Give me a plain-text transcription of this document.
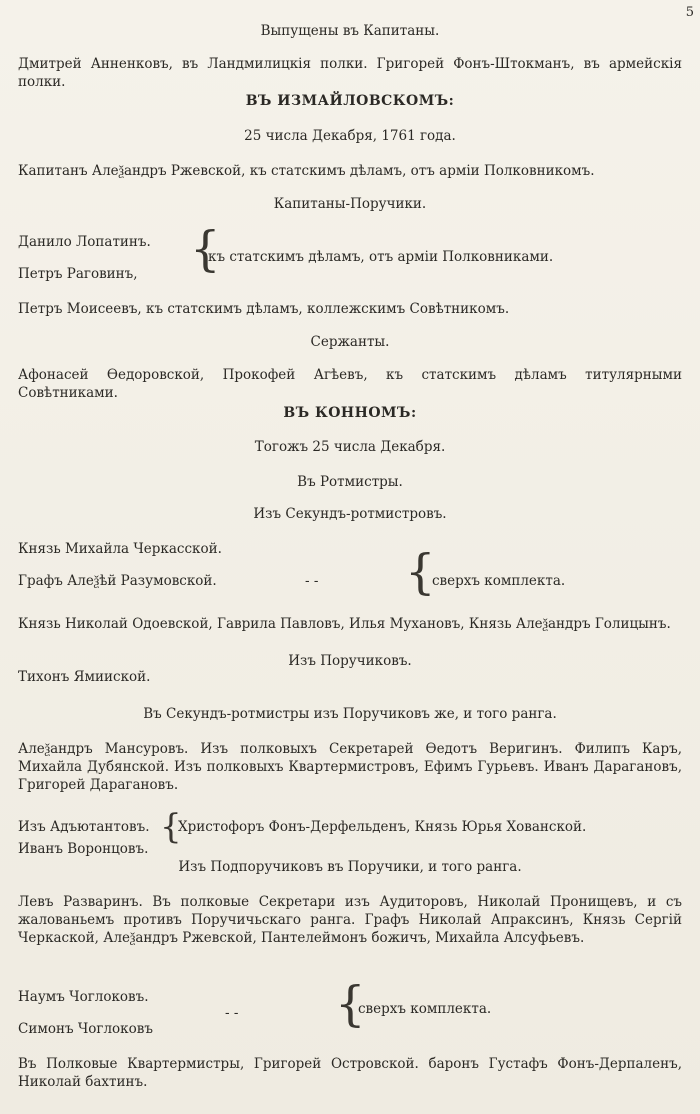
5
Выпущены въ Капитаны.
Дмитрей Анненковъ, въ Ландмилицкія полки. Григорей Фонъ-Штокманъ, въ армейскія полки.
ВЪ ИЗМАЙЛОВСКОМЪ:
25 числа Декабря, 1761 года.
Капитанъ Алеѯандръ Ржевской, къ статскимъ дѣламъ, отъ арміи Полковникомъ.
Капитаны-Поручики.
Данило Лопатинъ.
Петръ Раговинъ, {
къ статскимъ дѣламъ, отъ арміи Полковниками.
Петръ Моисеевъ, къ статскимъ дѣламъ, коллежскимъ Совѣтникомъ.
Сержанты.
Афонасей Ѳедоровской, Прокофей Агѣевъ, къ статскимъ дѣламъ титулярными Совѣтниками.
ВЪ КОННОМЪ:
Тогожъ 25 числа Декабря.
Въ Ротмистры.
Изъ Секундъ-ротмистровъ.
Князь Михайла Черкасской.
Графъ Алеѯѣй Разумовской.	- - {
сверхъ комплекта.
Князь Николай Одоевской, Гаврила Павловъ, Илья Мухановъ, Князь Алеѯандръ Голицынъ.
Изъ Поручиковъ.
Тихонъ Ямииской.
Въ Секундъ-ротмистры изъ Поручиковъ же, и того ранга.
Алеѯандръ Мансуровъ. Изъ полковыхъ Секретарей Ѳедотъ Веригинъ. Филипъ Каръ, Михайла Дубянской. Изъ полковыхъ Квартермистровъ, Ефимъ Гурьевъ. Иванъ Дарагановъ, Григорей Дарагановъ.
Изъ Адъютантовъ. {
Христофоръ Фонъ-Дерфельденъ, Князь Юрья Хованской.
Иванъ Воронцовъ.
Изъ Подпоручиковъ въ Поручики, и того ранга.
Левъ Разваринъ. Въ полковые Секретари изъ Аудиторовъ, Николай Пронищевъ, и съ жалованьемъ противъ Поручичьскаго ранга. Графъ Николай Апраксинъ, Князь Сергій Черкаской, Алеѯандръ Ржевской, Пантелеймонъ божичъ, Михайла Алсуфьевъ.
Наумъ Чоглоковъ.
Симонъ Чоглоковъ
- - {
сверхъ комплекта.
Въ Полковые Квартермистры, Григорей Островской. баронъ Густафъ Фонъ-Дерпаленъ, Николай бахтинъ.
